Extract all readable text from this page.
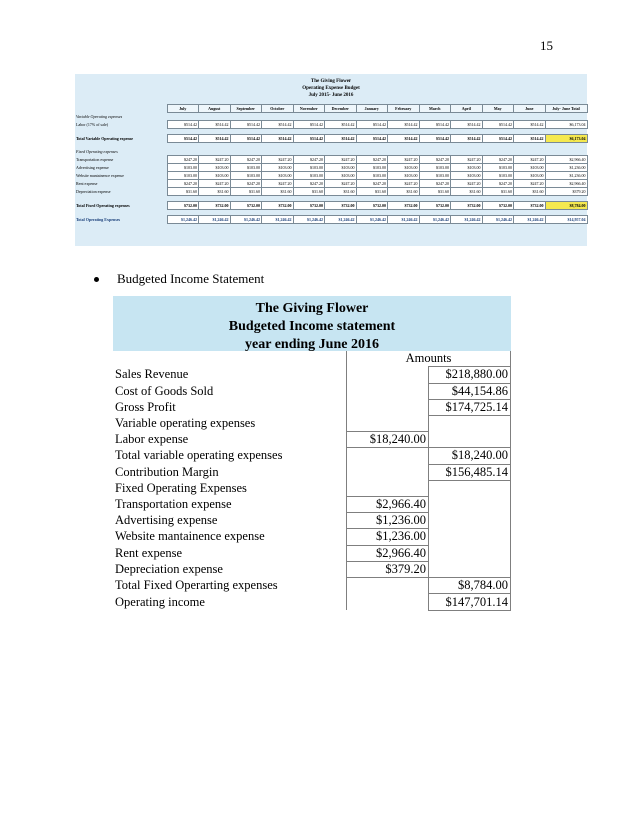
15
The Giving Flower
Operating Expense Budget
July 2015- June 2016
	July	August	September	October	November	December	January	February	March	April	May	June	July- June Total
Variable Operating expenses													
Labor (17% of sale)	$514.42	$514.42	$514.42	$514.42	$514.42	$514.42	$514.42	$514.42	$514.42	$514.42	$514.42	$514.42	$6,173.04

Total Variable Operating expense	$514.42	$514.42	$514.42	$514.42	$514.42	$514.42	$514.42	$514.42	$514.42	$514.42	$514.42	$514.42	$6,173.04

Fixed Operating expenses													
Transportation expense	$247.20	$247.20	$247.20	$247.20	$247.20	$247.20	$247.20	$247.20	$247.20	$247.20	$247.20	$247.20	$2,966.40
Advertising expense	$103.00	$103.00	$103.00	$103.00	$103.00	$103.00	$103.00	$103.00	$103.00	$103.00	$103.00	$103.00	$1,236.00
Website mantainence expense	$103.00	$103.00	$103.00	$103.00	$103.00	$103.00	$103.00	$103.00	$103.00	$103.00	$103.00	$103.00	$1,236.00
Rent expense	$247.20	$247.20	$247.20	$247.20	$247.20	$247.20	$247.20	$247.20	$247.20	$247.20	$247.20	$247.20	$2,966.40
Depreciation expense	$31.60	$31.60	$31.60	$31.60	$31.60	$31.60	$31.60	$31.60	$31.60	$31.60	$31.60	$31.60	$379.20

Total Fixed Operating expenses	$732.00	$732.00	$732.00	$732.00	$732.00	$732.00	$732.00	$732.00	$732.00	$732.00	$732.00	$732.00	$8,784.00

Total Operating Expenses	$1,246.42	$1,246.42	$1,246.42	$1,246.42	$1,246.42	$1,246.42	$1,246.42	$1,246.42	$1,246.42	$1,246.42	$1,246.42	$1,246.42	$14,957.04
Budgeted Income Statement
The Giving Flower
Budgeted Income statement
year ending June 2016
	Amounts	
Sales Revenue		$218,880.00
Cost of Goods Sold		$44,154.86
Gross Profit		$174,725.14
Variable operating expenses		
Labor expense	$18,240.00	
Total variable operating expenses		$18,240.00
Contribution Margin		$156,485.14
Fixed Operating Expenses		
Transportation expense	$2,966.40	
Advertising expense	$1,236.00	
Website mantainence expense	$1,236.00	
Rent expense	$2,966.40	
Depreciation expense	$379.20	
Total Fixed Operarting expenses		$8,784.00
Operating income		$147,701.14
